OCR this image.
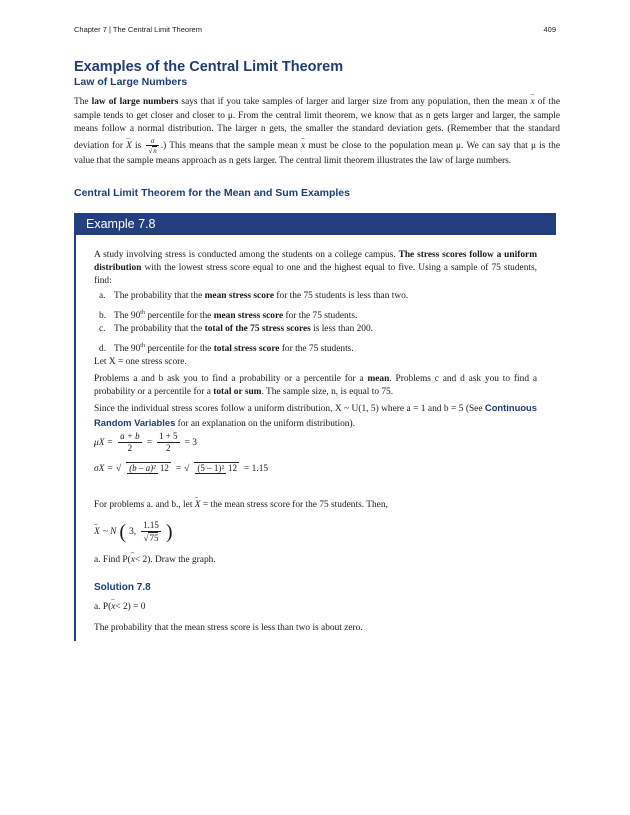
Chapter 7 | The Central Limit Theorem	409
Examples of the Central Limit Theorem
Law of Large Numbers

The law of large numbers says that if you take samples of larger and larger size from any population, then the mean – x of the sample tends to get closer and closer to μ. From the central limit theorem, we know that as n gets larger and larger, the sample means follow a normal distribution. The larger n gets, the smaller the standard deviation gets. (Remember that the standard deviation for – X is $\frac{\sigma}{√n}$ .) This means that the sample mean – x must be close to the population mean μ. We can say that μ is the value that the sample means approach as n gets larger. The central limit theorem illustrates the law of large numbers.

Central Limit Theorem for the Mean and Sum Examples
Example 7.8

A study involving stress is conducted among the students on a college campus. The stress scores follow a uniform distribution with the lowest stress score equal to one and the highest equal to five. Using a sample of 75 students, find:

a. The probability that the mean stress score for the 75 students is less than two.
b. The 90th percentile for the mean stress score for the 75 students.
c. The probability that the total of the 75 stress scores is less than 200.
d. The 90th percentile for the total stress score for the 75 students.

Let X = one stress score.

Problems a and b ask you to find a probability or a percentile for a mean. Problems c and d ask you to find a probability or a percentile for a total or sum. The sample size, n, is equal to 75.

Since the individual stress scores follow a uniform distribution, X ~ U(1, 5) where a = 1 and b = 5 (See Continuous Random Variables for an explanation on the uniform distribution).

$\mu X = \frac{a + b}{2} = \frac{1 + 5}{2} = 3$
σX = √ (b – a)² 12 = √ (5 – 1)² 12 = 1.15

For problems a. and b., let – X = the mean stress score for the 75 students. Then,

– X ~ N ( 3, $\frac{1.15}{√75}$ )

a. Find P(– x< 2). Draw the graph.

Solution 7.8

a. P(– x< 2) = 0

The probability that the mean stress score is less than two is about zero.
